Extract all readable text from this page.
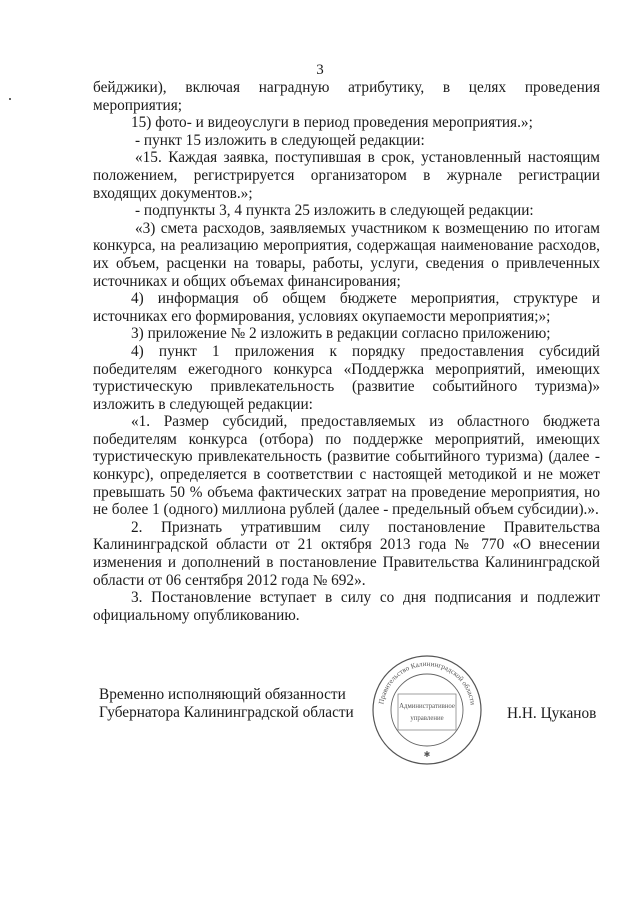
3

бейджики), включая наградную атрибутику, в целях проведения мероприятия;

15) фото- и видеоуслуги в период проведения мероприятия.»;

- пункт 15 изложить в следующей редакции:

«15. Каждая заявка, поступившая в срок, установленный настоящим положением, регистрируется организатором в журнале регистрации входящих документов.»;

- подпункты 3, 4 пункта 25 изложить в следующей редакции:

«3) смета расходов, заявляемых участником к возмещению по итогам конкурса, на реализацию мероприятия, содержащая наименование расходов, их объем, расценки на товары, работы, услуги, сведения о привлеченных источниках и общих объемах финансирования;

4) информация об общем бюджете мероприятия, структуре и источниках его формирования, условиях окупаемости мероприятия;»;

3) приложение № 2 изложить в редакции согласно приложению;

4) пункт 1 приложения к порядку предоставления субсидий победителям ежегодного конкурса «Поддержка мероприятий, имеющих туристическую привлекательность (развитие событийного туризма)» изложить в следующей редакции:

«1. Размер субсидий, предоставляемых из областного бюджета победителям конкурса (отбора) по поддержке мероприятий, имеющих туристическую привлекательность (развитие событийного туризма) (далее - конкурс), определяется в соответствии с настоящей методикой и не может превышать 50 % объема фактических затрат на проведение мероприятия, но не более 1 (одного) миллиона рублей (далее - предельный объем субсидии).».

2. Признать утратившим силу постановление Правительства Калининградской области от 21 октября 2013 года № 770 «О внесении изменения и дополнений в постановление Правительства Калининградской области от 06 сентября 2012 года № 692».

3. Постановление вступает в силу со дня подписания и подлежит официальному опубликованию.

Временно исполняющий обязанности
Губернатора Калининградской области
Правительство Калининградской области
Административное
управление
✱
Н.Н. Цуканов
